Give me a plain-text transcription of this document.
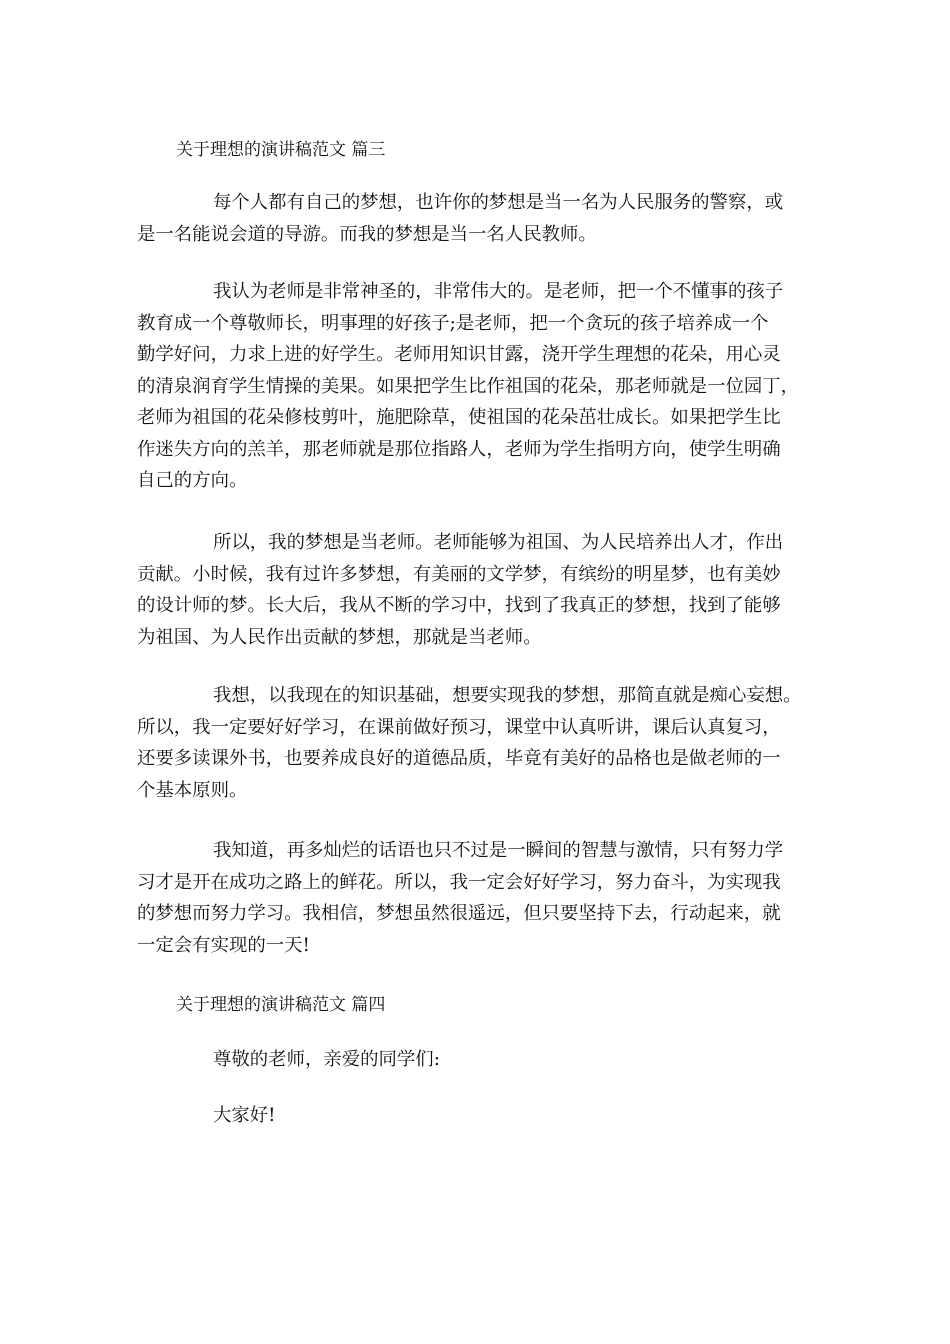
关于理想的演讲稿范文 篇三
每个人都有自己的梦想，也许你的梦想是当一名为人民服务的警察，或
是一名能说会道的导游。而我的梦想是当一名人民教师。
我认为老师是非常神圣的，非常伟大的。是老师，把一个不懂事的孩子
教育成一个尊敬师长，明事理的好孩子;是老师，把一个贪玩的孩子培养成一个
勤学好问，力求上进的好学生。老师用知识甘露，浇开学生理想的花朵，用心灵
的清泉润育学生情操的美果。如果把学生比作祖国的花朵，那老师就是一位园丁，
老师为祖国的花朵修枝剪叶，施肥除草，使祖国的花朵茁壮成长。如果把学生比
作迷失方向的羔羊，那老师就是那位指路人，老师为学生指明方向，使学生明确
自己的方向。
所以，我的梦想是当老师。老师能够为祖国、为人民培养出人才，作出
贡献。小时候，我有过许多梦想，有美丽的文学梦，有缤纷的明星梦，也有美妙
的设计师的梦。长大后，我从不断的学习中，找到了我真正的梦想，找到了能够
为祖国、为人民作出贡献的梦想，那就是当老师。
我想，以我现在的知识基础，想要实现我的梦想，那简直就是痴心妄想。
所以，我一定要好好学习，在课前做好预习，课堂中认真听讲，课后认真复习，
还要多读课外书，也要养成良好的道德品质，毕竟有美好的品格也是做老师的一
个基本原则。
我知道，再多灿烂的话语也只不过是一瞬间的智慧与激情，只有努力学
习才是开在成功之路上的鲜花。所以，我一定会好好学习，努力奋斗，为实现我
的梦想而努力学习。我相信，梦想虽然很遥远，但只要坚持下去，行动起来，就
一定会有实现的一天!
关于理想的演讲稿范文 篇四
尊敬的老师，亲爱的同学们:
大家好!
